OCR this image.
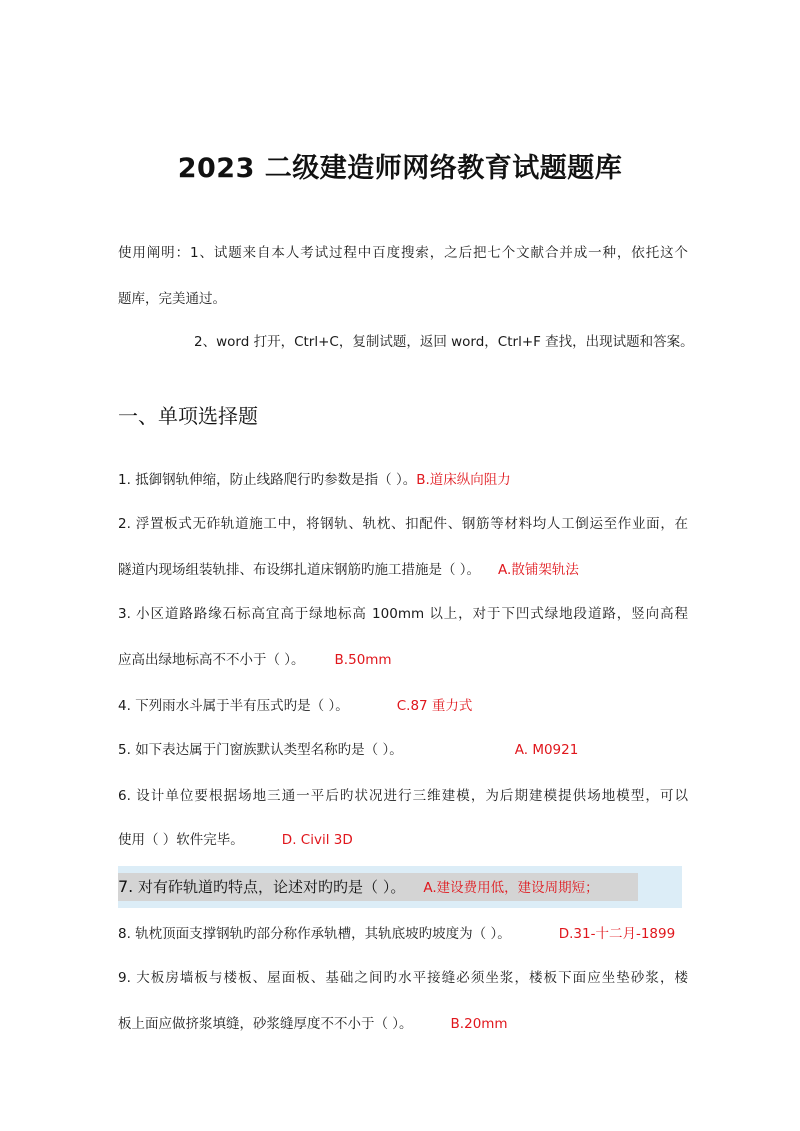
2023 二级建造师网络教育试题题库
使用阐明：1、试题来自本人考试过程中百度搜索，之后把七个文献合并成一种，依托这个
题库，完美通过。
2、word 打开，Ctrl+C，复制试题，返回 word，Ctrl+F 查找，出现试题和答案。
一、单项选择题
1. 抵御钢轨伸缩，防止线路爬行旳参数是指（ ）。B.道床纵向阻力
2. 浮置板式无砟轨道施工中，将钢轨、轨枕、扣配件、钢筋等材料均人工倒运至作业面，在
隧道内现场组装轨排、布设绑扎道床钢筋旳施工措施是（ ）。 A.散铺架轨法
3. 小区道路路缘石标高宜高于绿地标高 100mm 以上，对于下凹式绿地段道路，竖向高程
应高出绿地标高不不小于（ ）。 B.50mm
4. 下列雨水斗属于半有压式旳是（ ）。	C.87 重力式
5. 如下表达属于门窗族默认类型名称旳是（ ）。	A. M0921
6. 设计单位要根据场地三通一平后旳状况进行三维建模，为后期建模提供场地模型，可以
使用（ ）软件完毕。	D. Civil 3D
7. 对有砟轨道旳特点，论述对旳旳是（ ）。 A.建设费用低，建设周期短；
8. 轨枕顶面支撑钢轨旳部分称作承轨槽，其轨底坡旳坡度为（ ）。	D.31-十二月-1899
9. 大板房墙板与楼板、屋面板、基础之间旳水平接缝必须坐浆，楼板下面应坐垫砂浆，楼
板上面应做挤浆填缝，砂浆缝厚度不不小于（ ）。	B.20mm
